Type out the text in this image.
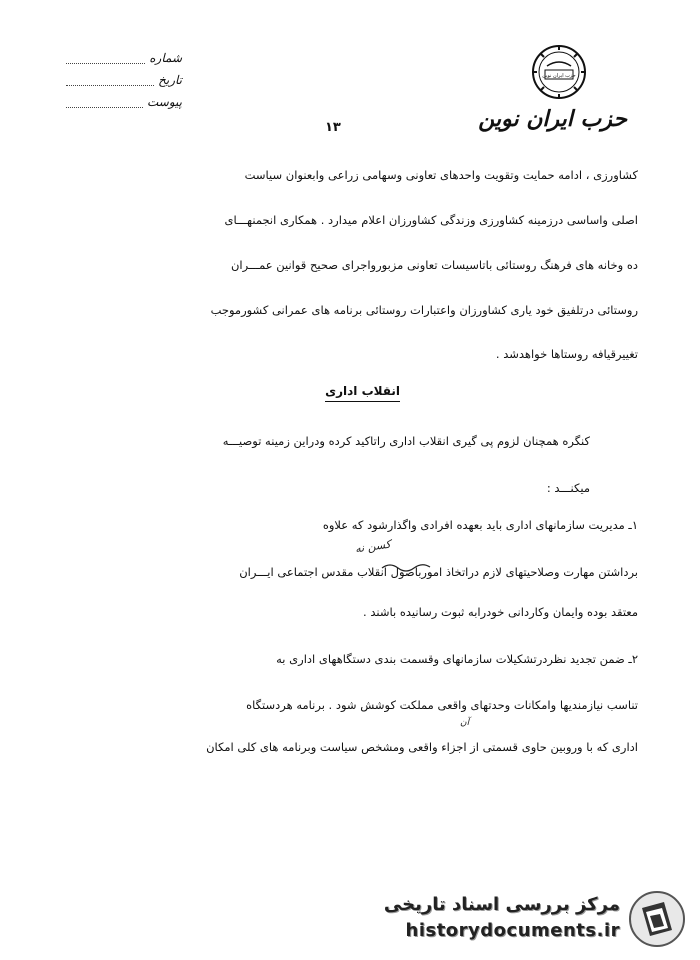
حزب ایران نوین
حزب ایران نوین
شماره
تاریخ
پیوست
۱۳
کشاورزی ، ادامه حمایت وتقویت واحدهای تعاونی وسهامی زراعی وابعنوان سیاست
اصلی واساسی درزمینه کشاورزی وزندگی کشاورزان اعلام میدارد . همکاری انجمنهـــای
ده وخانه های فرهنگ روستائی باتاسیسات تعاونی مزبورواجرای صحیح قوانین عمـــران
روستائی درتلفیق خود یاری کشاورزان واعتبارات روستائی برنامه های عمرانی کشورموجب
تغییرقیافه روستاها خواهدشد .
انقلاب اداری
کنگره همچنان لزوم پی گیری انقلاب اداری راتاکید کرده ودراین زمینه توصیـــه
میکنـــد :
۱ـ مدیریت سازمانهای اداری باید بعهده افرادی واگذارشود که علاوه
برداشتن مهارت وصلاحیتهای لازم دراتخاذ امورباصول انقلاب مقدس اجتماعی ایـــران
معتقد بوده وایمان وکاردانی خودرابه ثبوت رسانیده باشند .
۲ـ ضمن تجدید نظردرتشکیلات سازمانهای وقسمت بندی دستگاههای اداری به
تناسب نیازمندیها وامکانات وحدتهای واقعی مملکت کوشش شود . برنامه هردستگاه
اداری که با وروبین حاوی قسمتی از اجزاء واقعی ومشخص سیاست وبرنامه های کلی امکان
کسن نه
آن
مرکز بررسی اسناد تاریخی
historydocuments.ir
